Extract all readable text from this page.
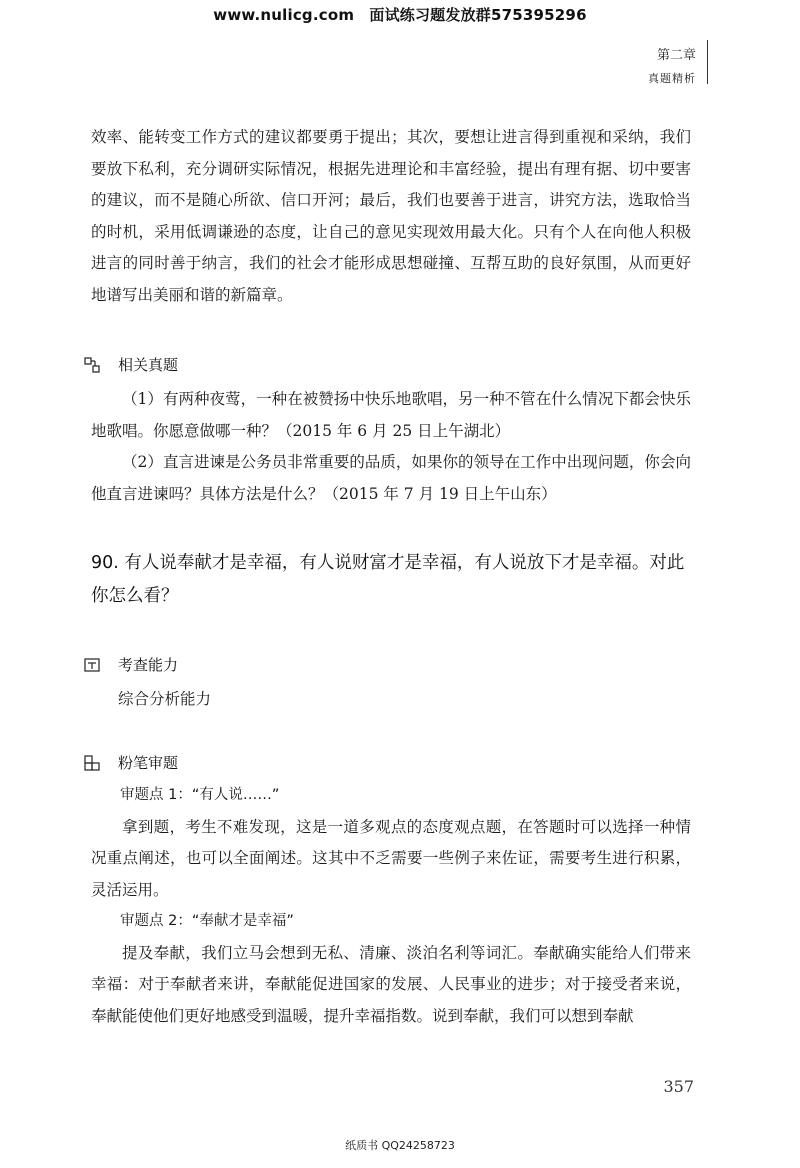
www.nulicg.com　面试练习题发放群575395296
第二章
真题精析

效率、能转变工作方式的建议都要勇于提出；其次，要想让进言得到重视和采纳，我们要放下私利，充分调研实际情况，根据先进理论和丰富经验，提出有理有据、切中要害的建议，而不是随心所欲、信口开河；最后，我们也要善于进言，讲究方法，选取恰当的时机，采用低调谦逊的态度，让自己的意见实现效用最大化。只有个人在向他人积极进言的同时善于纳言，我们的社会才能形成思想碰撞、互帮互助的良好氛围，从而更好地谱写出美丽和谐的新篇章。

相关真题

（1）有两种夜莺，一种在被赞扬中快乐地歌唱，另一种不管在什么情况下都会快乐地歌唱。你愿意做哪一种？（2015 年 6 月 25 日上午湖北）

（2）直言进谏是公务员非常重要的品质，如果你的领导在工作中出现问题，你会向他直言进谏吗？具体方法是什么？（2015 年 7 月 19 日上午山东）

90. 有人说奉献才是幸福，有人说财富才是幸福，有人说放下才是幸福。对此你怎么看？
考查能力

综合分析能力

粉笔审题

审题点 1：“有人说……”

拿到题，考生不难发现，这是一道多观点的态度观点题，在答题时可以选择一种情况重点阐述，也可以全面阐述。这其中不乏需要一些例子来佐证，需要考生进行积累，灵活运用。

审题点 2：“奉献才是幸福”

提及奉献，我们立马会想到无私、清廉、淡泊名利等词汇。奉献确实能给人们带来幸福：对于奉献者来讲，奉献能促进国家的发展、人民事业的进步；对于接受者来说，奉献能使他们更好地感受到温暖，提升幸福指数。说到奉献，我们可以想到奉献

357
纸质书 QQ24258723
